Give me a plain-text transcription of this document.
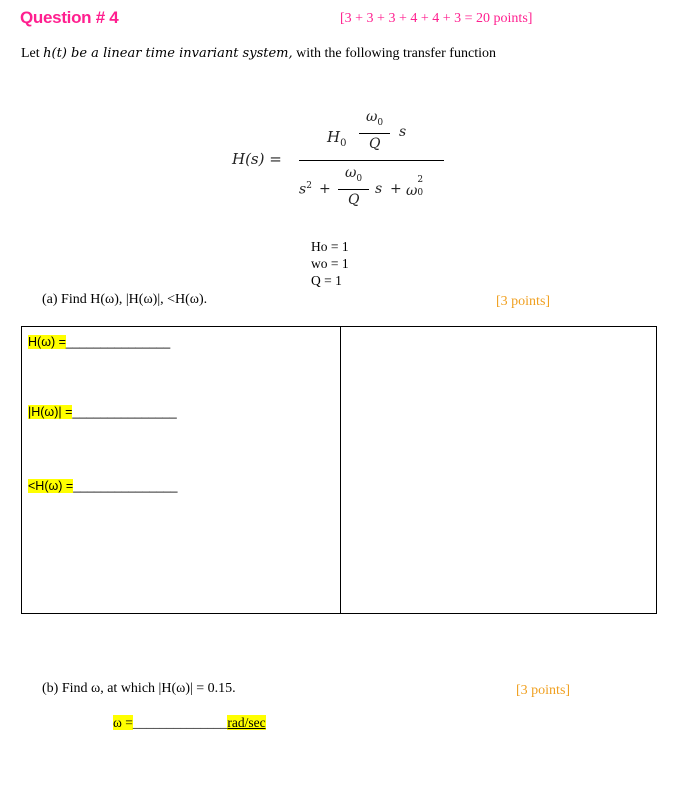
Question # 4	[3 + 3 + 3 + 4 + 4 + 3 = 20 points]
Let h(t) be a linear time invariant system, with the following transfer function
H(s) =
$H_0$
$\omega_0$
Q
s
$s^2$ +
$\omega_0$
Q
s + ω
2
0
Ho = 1
wo = 1
Q = 1
(a) Find H(ω), |H(ω)|, <H(ω).	[3 points]
H(ω) =_______________
|H(ω)| =_______________
<H(ω) =_______________
(b) Find ω, at which |H(ω)| = 0.15.	[3 points]
ω =______________rad/sec
